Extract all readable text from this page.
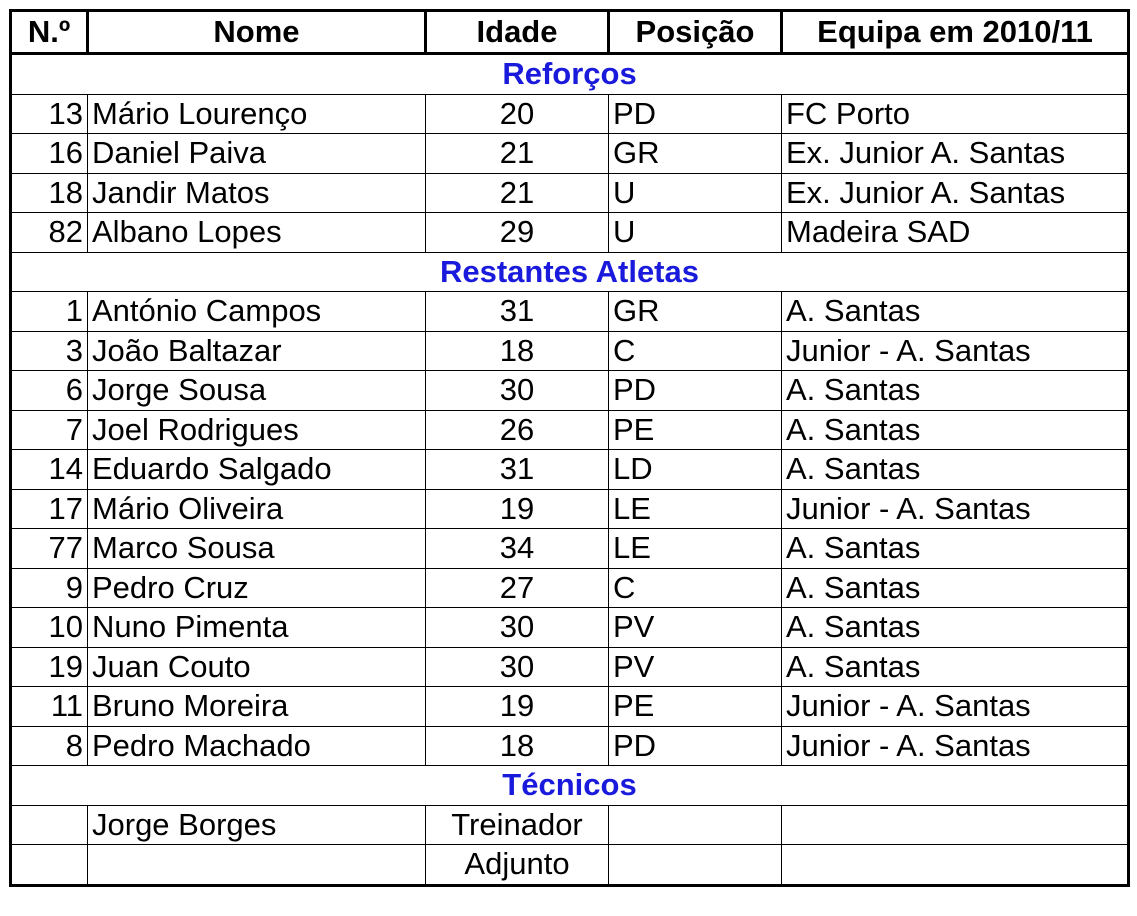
N.º	Nome	Idade	Posição	Equipa em 2010/11
Reforços				
13	Mário Lourenço	20	PD	FC Porto
16	Daniel Paiva	21	GR	Ex. Junior A. Santas
18	Jandir Matos	21	U	Ex. Junior A. Santas
82	Albano Lopes	29	U	Madeira SAD
Restantes Atletas				
1	António Campos	31	GR	A. Santas
3	João Baltazar	18	C	Junior - A. Santas
6	Jorge Sousa	30	PD	A. Santas
7	Joel Rodrigues	26	PE	A. Santas
14	Eduardo Salgado	31	LD	A. Santas
17	Mário Oliveira	19	LE	Junior - A. Santas
77	Marco Sousa	34	LE	A. Santas
9	Pedro Cruz	27	C	A. Santas
10	Nuno Pimenta	30	PV	A. Santas
19	Juan Couto	30	PV	A. Santas
11	Bruno Moreira	19	PE	Junior - A. Santas
8	Pedro Machado	18	PD	Junior - A. Santas
Técnicos				
	Jorge Borges	Treinador		
		Adjunto		
